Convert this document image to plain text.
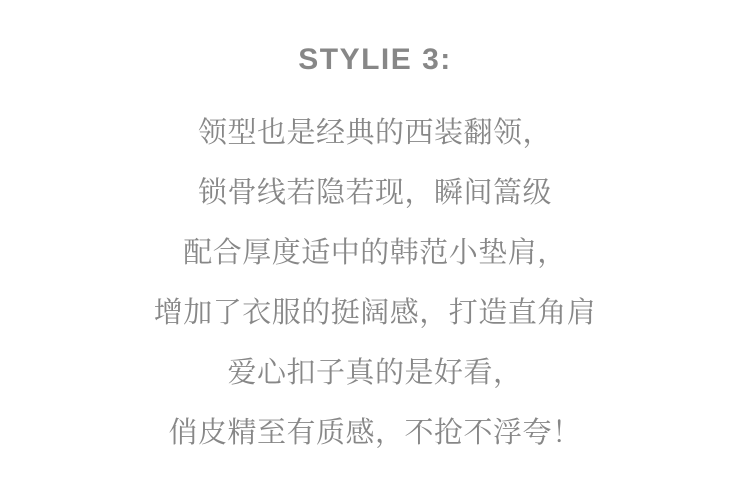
STYLIE 3:

领型也是经典的西装翻领，

锁骨线若隐若现，瞬间篙级

配合厚度适中的韩范小垫肩，

增加了衣服的挺阔感，打造直角肩

爱心扣子真的是好看，

俏皮精至有质感，不抢不浮夸！
